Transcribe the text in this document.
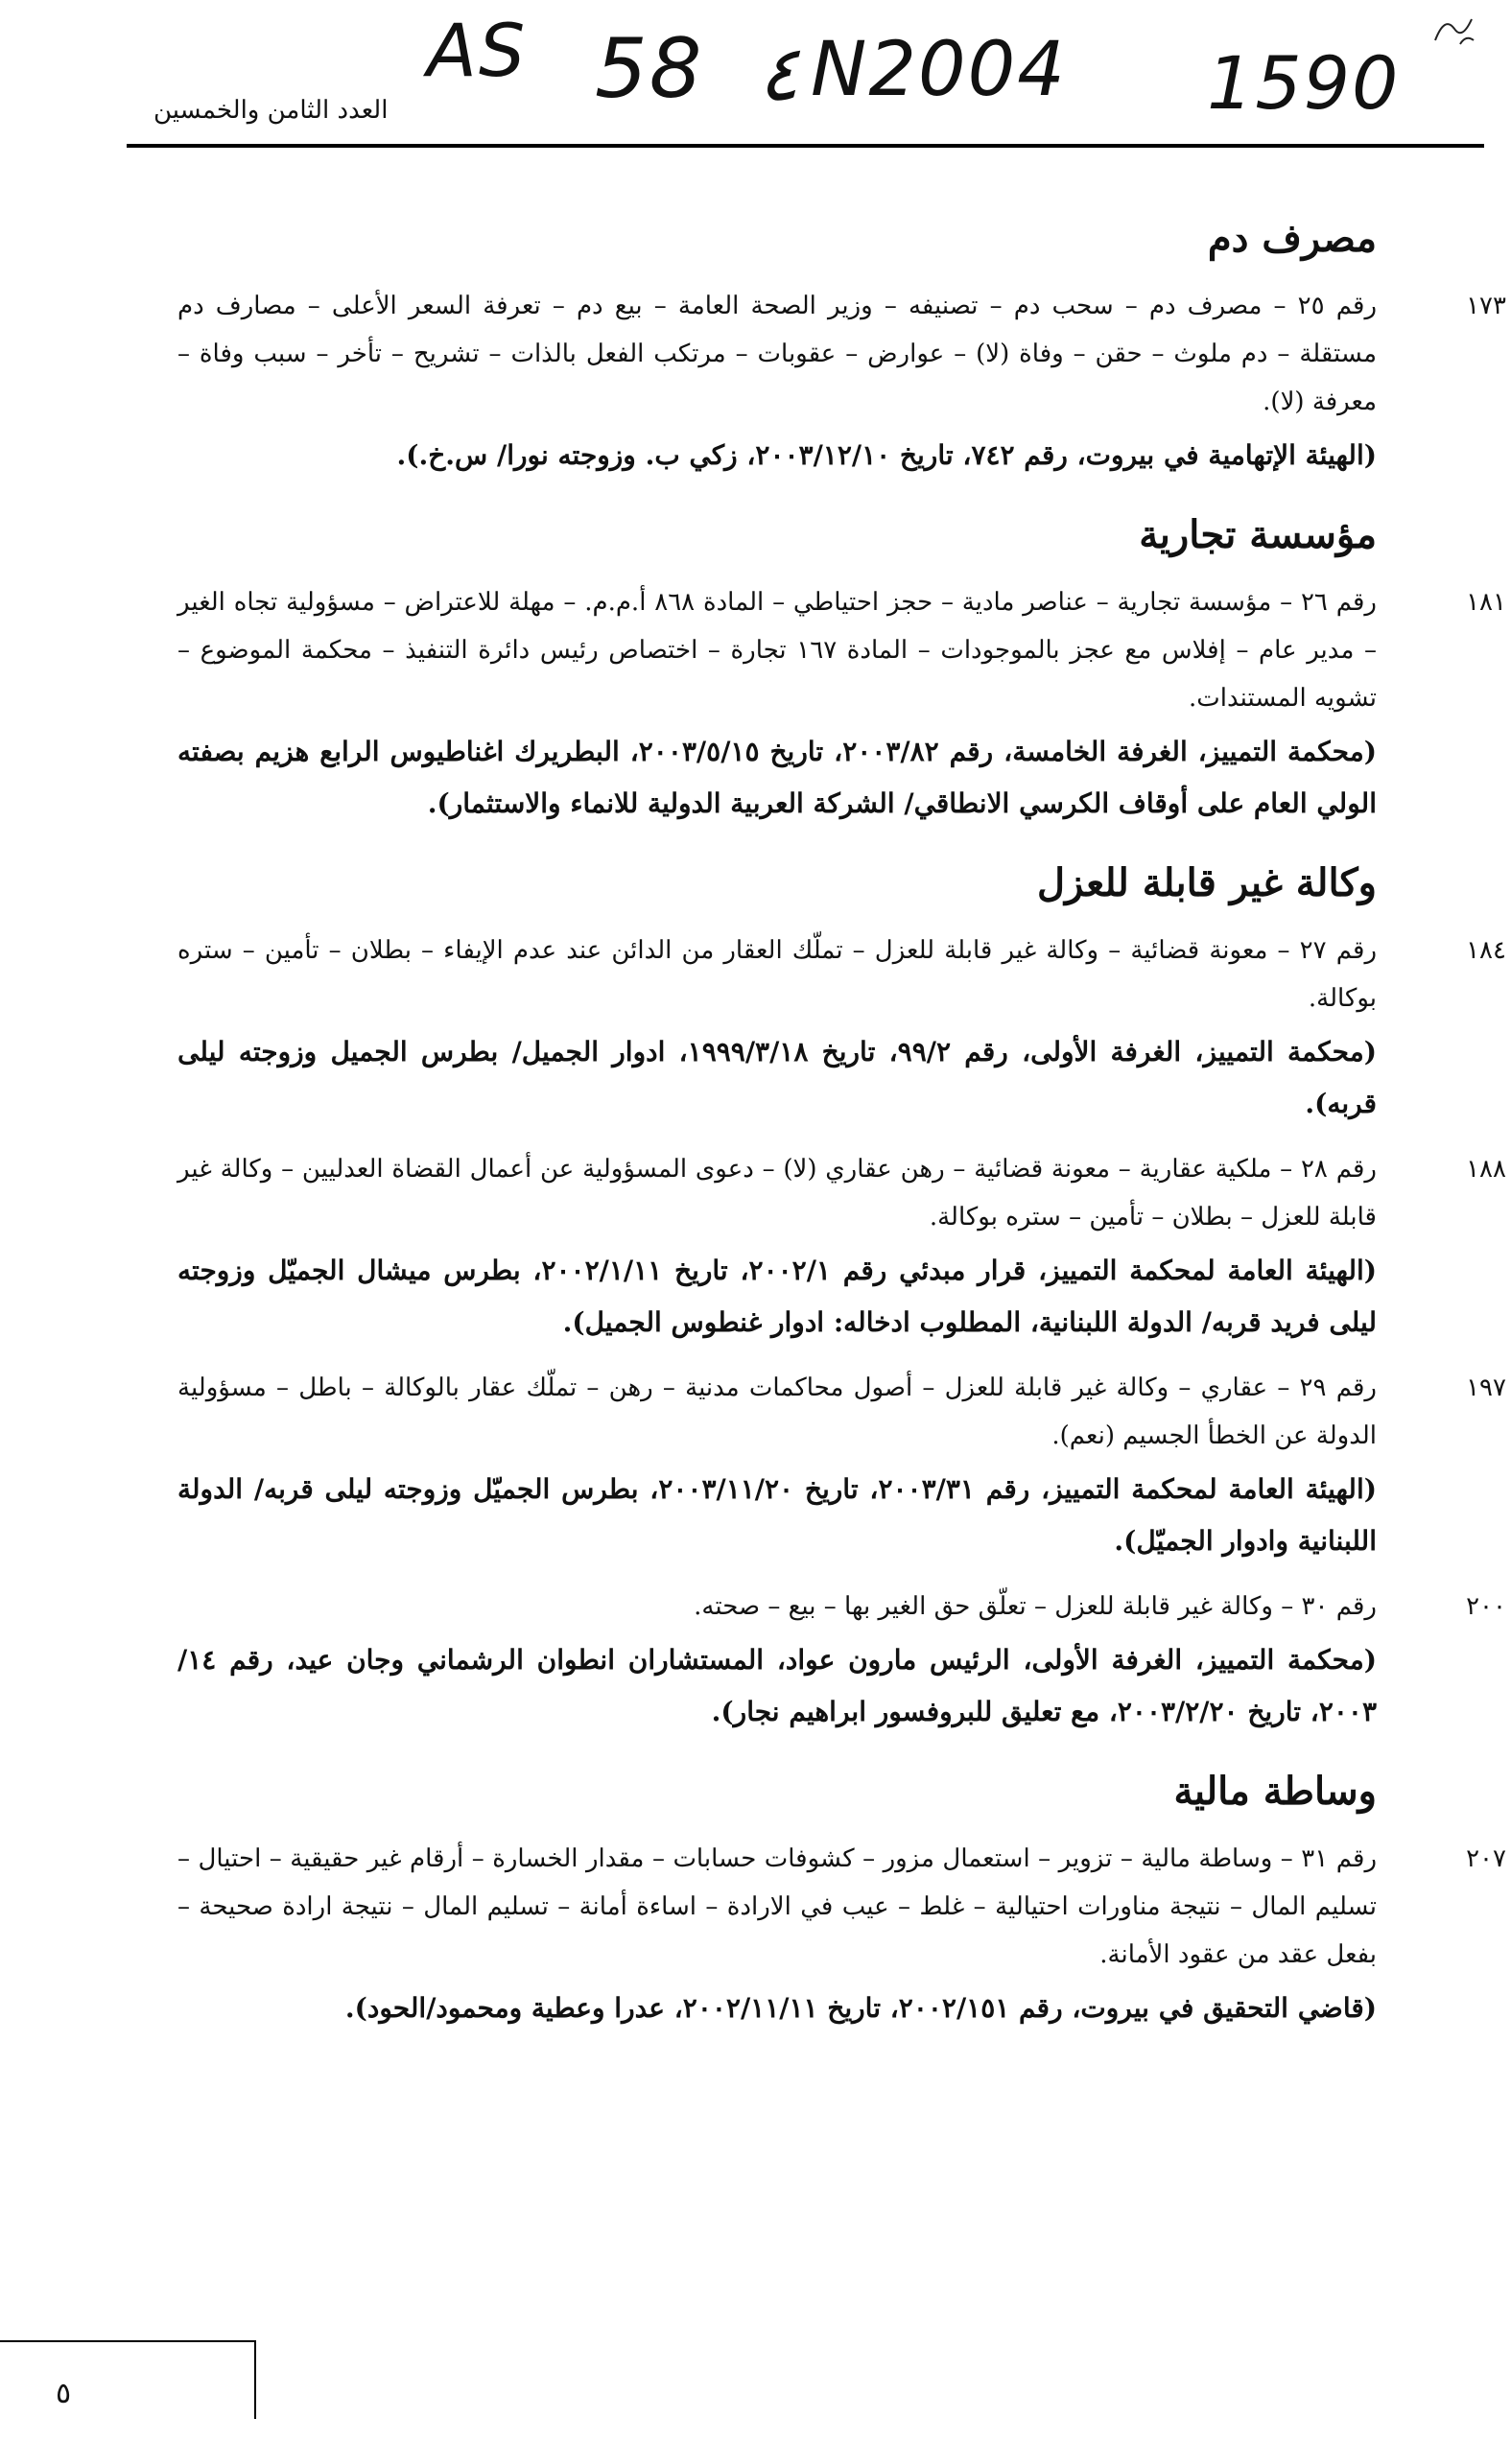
AS 58 ٤ N2004 1590
العدد الثامن والخمسين
مصرف دم
١٧٣
رقم ٢٥ – مصرف دم – سحب دم – تصنيفه – وزير الصحة العامة – بيع دم – تعرفة السعر الأعلى – مصارف دم مستقلة – دم ملوث – حقن – وفاة (لا) – عوارض – عقوبات – مرتكب الفعل بالذات – تشريح – تأخر – سبب وفاة – معرفة (لا).
(الهيئة الإتهامية في بيروت، رقم ٧٤٢، تاريخ ٢٠٠٣/١٢/١٠، زكي ب. وزوجته نورا/ س.خ.).
مؤسسة تجارية
١٨١
رقم ٢٦ – مؤسسة تجارية – عناصر مادية – حجز احتياطي – المادة ٨٦٨ أ.م.م. – مهلة للاعتراض – مسؤولية تجاه الغير – مدير عام – إفلاس مع عجز بالموجودات – المادة ١٦٧ تجارة – اختصاص رئيس دائرة التنفيذ – محكمة الموضوع – تشويه المستندات.
(محكمة التمييز، الغرفة الخامسة، رقم ٢٠٠٣/٨٢، تاريخ ٢٠٠٣/٥/١٥، البطريرك اغناطيوس الرابع هزيم بصفته الولي العام على أوقاف الكرسي الانطاقي/ الشركة العربية الدولية للانماء والاستثمار).
وكالة غير قابلة للعزل
١٨٤
رقم ٢٧ – معونة قضائية – وكالة غير قابلة للعزل – تملّك العقار من الدائن عند عدم الإيفاء – بطلان – تأمين – ستره بوكالة.
(محكمة التمييز، الغرفة الأولى، رقم ٩٩/٢، تاريخ ١٩٩٩/٣/١٨، ادوار الجميل/ بطرس الجميل وزوجته ليلى قربه).
١٨٨
رقم ٢٨ – ملكية عقارية – معونة قضائية – رهن عقاري (لا) – دعوى المسؤولية عن أعمال القضاة العدليين – وكالة غير قابلة للعزل – بطلان – تأمين – ستره بوكالة.
(الهيئة العامة لمحكمة التمييز، قرار مبدئي رقم ٢٠٠٢/١، تاريخ ٢٠٠٢/١/١١، بطرس ميشال الجميّل وزوجته ليلى فريد قربه/ الدولة اللبنانية، المطلوب ادخاله: ادوار غنطوس الجميل).
١٩٧
رقم ٢٩ – عقاري – وكالة غير قابلة للعزل – أصول محاكمات مدنية – رهن – تملّك عقار بالوكالة – باطل – مسؤولية الدولة عن الخطأ الجسيم (نعم).
(الهيئة العامة لمحكمة التمييز، رقم ٢٠٠٣/٣١، تاريخ ٢٠٠٣/١١/٢٠، بطرس الجميّل وزوجته ليلى قربه/ الدولة اللبنانية وادوار الجميّل).
٢٠٠
رقم ٣٠ – وكالة غير قابلة للعزل – تعلّق حق الغير بها – بيع – صحته.
(محكمة التمييز، الغرفة الأولى، الرئيس مارون عواد، المستشاران انطوان الرشماني وجان عيد، رقم ١٤/ ٢٠٠٣، تاريخ ٢٠٠٣/٢/٢٠، مع تعليق للبروفسور ابراهيم نجار).
وساطة مالية
٢٠٧
رقم ٣١ – وساطة مالية – تزوير – استعمال مزور – كشوفات حسابات – مقدار الخسارة – أرقام غير حقيقية – احتيال – تسليم المال – نتيجة مناورات احتيالية – غلط – عيب في الارادة – اساءة أمانة – تسليم المال – نتيجة ارادة صحيحة – بفعل عقد من عقود الأمانة.
(قاضي التحقيق في بيروت، رقم ٢٠٠٢/١٥١، تاريخ ٢٠٠٢/١١/١١، عدرا وعطية ومحمود/الحود).
٥
